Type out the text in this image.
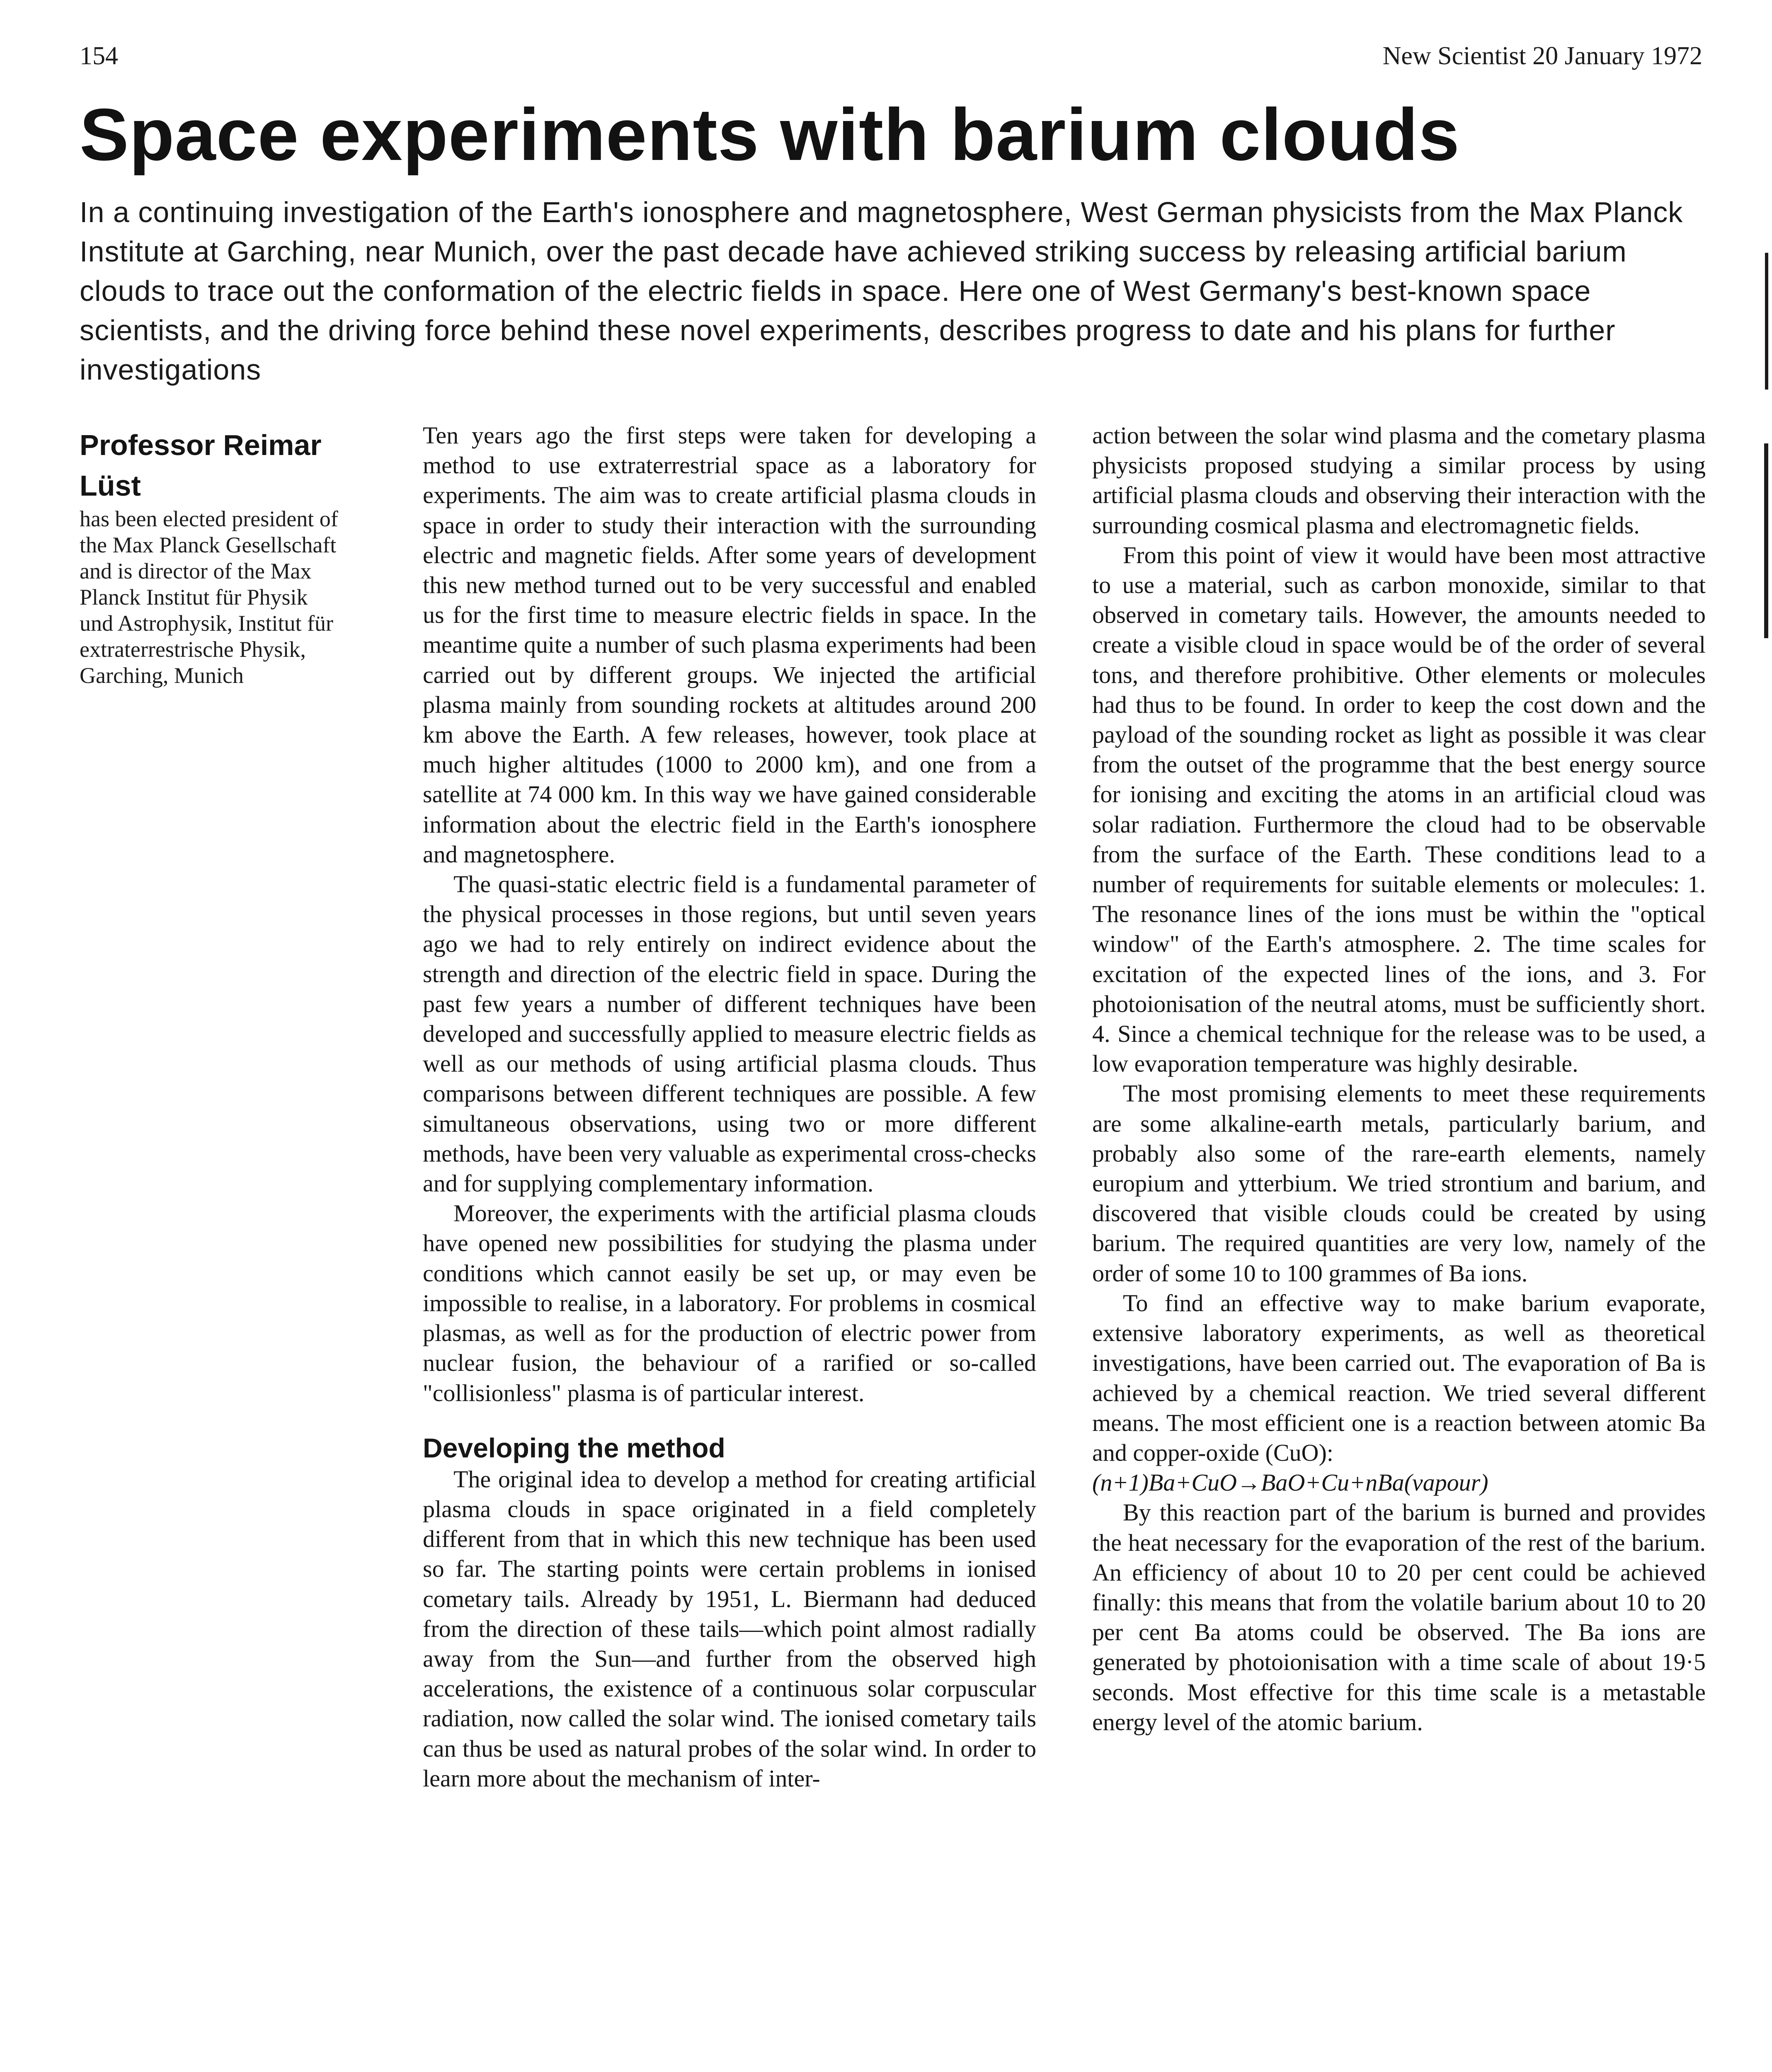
154	New Scientist 20 January 1972
Space experiments with barium clouds
In a continuing investigation of the Earth's ionosphere and magnetosphere, West German physicists from the Max Planck Institute at Garching, near Munich, over the past decade have achieved striking success by releasing artificial barium clouds to trace out the conformation of the electric fields in space. Here one of West Germany's best-known space scientists, and the driving force behind these novel experiments, describes progress to date and his plans for further investigations
Professor Reimar Lüst
has been elected president of the Max Planck Gesellschaft and is director of the Max Planck Institut für Physik und Astrophysik, Institut für extraterrestrische Physik, Garching, Munich

Ten years ago the first steps were taken for developing a method to use extraterrestrial space as a laboratory for experiments. The aim was to create artificial plasma clouds in space in order to study their interaction with the surrounding electric and magnetic fields. After some years of development this new method turned out to be very successful and enabled us for the first time to measure electric fields in space. In the meantime quite a number of such plasma experiments had been carried out by different groups. We injected the artificial plasma mainly from sounding rockets at altitudes around 200 km above the Earth. A few releases, however, took place at much higher altitudes (1000 to 2000 km), and one from a satellite at 74 000 km. In this way we have gained considerable information about the electric field in the Earth's ionosphere and magnetosphere.

The quasi-static electric field is a fundamental parameter of the physical processes in those regions, but until seven years ago we had to rely entirely on indirect evidence about the strength and direction of the electric field in space. During the past few years a number of different techniques have been developed and successfully applied to measure electric fields as well as our methods of using artificial plasma clouds. Thus comparisons between different techniques are possible. A few simultaneous observations, using two or more different methods, have been very valuable as experimental cross-checks and for supplying complementary information.

Moreover, the experiments with the artificial plasma clouds have opened new possibilities for studying the plasma under conditions which cannot easily be set up, or may even be impossible to realise, in a laboratory. For problems in cosmical plasmas, as well as for the production of electric power from nuclear fusion, the behaviour of a rarified or so-called "collisionless" plasma is of particular interest.

Developing the method

The original idea to develop a method for creating artificial plasma clouds in space originated in a field completely different from that in which this new technique has been used so far. The starting points were certain problems in ionised cometary tails. Already by 1951, L. Biermann had deduced from the direction of these tails—which point almost radially away from the Sun—and further from the observed high accelerations, the existence of a continuous solar corpuscular radiation, now called the solar wind. The ionised cometary tails can thus be used as natural probes of the solar wind. In order to learn more about the mechanism of inter-

action between the solar wind plasma and the cometary plasma physicists proposed studying a similar process by using artificial plasma clouds and observing their interaction with the surrounding cosmical plasma and electromagnetic fields.

From this point of view it would have been most attractive to use a material, such as carbon monoxide, similar to that observed in cometary tails. However, the amounts needed to create a visible cloud in space would be of the order of several tons, and therefore prohibitive. Other elements or molecules had thus to be found. In order to keep the cost down and the payload of the sounding rocket as light as possible it was clear from the outset of the programme that the best energy source for ionising and exciting the atoms in an artificial cloud was solar radiation. Furthermore the cloud had to be observable from the surface of the Earth. These conditions lead to a number of requirements for suitable elements or molecules: 1. The resonance lines of the ions must be within the "optical window" of the Earth's atmosphere. 2. The time scales for excitation of the expected lines of the ions, and 3. For photoionisation of the neutral atoms, must be sufficiently short. 4. Since a chemical technique for the release was to be used, a low evaporation temperature was highly desirable.

The most promising elements to meet these requirements are some alkaline-earth metals, particularly barium, and probably also some of the rare-earth elements, namely europium and ytterbium. We tried strontium and barium, and discovered that visible clouds could be created by using barium. The required quantities are very low, namely of the order of some 10 to 100 grammes of Ba ions.

To find an effective way to make barium evaporate, extensive laboratory experiments, as well as theoretical investigations, have been carried out. The evaporation of Ba is achieved by a chemical reaction. We tried several different means. The most efficient one is a reaction between atomic Ba and copper-oxide (CuO):

(n+1)Ba+CuO→BaO+Cu+nBa(vapour)

By this reaction part of the barium is burned and provides the heat necessary for the evaporation of the rest of the barium. An efficiency of about 10 to 20 per cent could be achieved finally: this means that from the volatile barium about 10 to 20 per cent Ba atoms could be observed. The Ba ions are generated by photoionisation with a time scale of about 19·5 seconds. Most effective for this time scale is a metastable energy level of the atomic barium.
